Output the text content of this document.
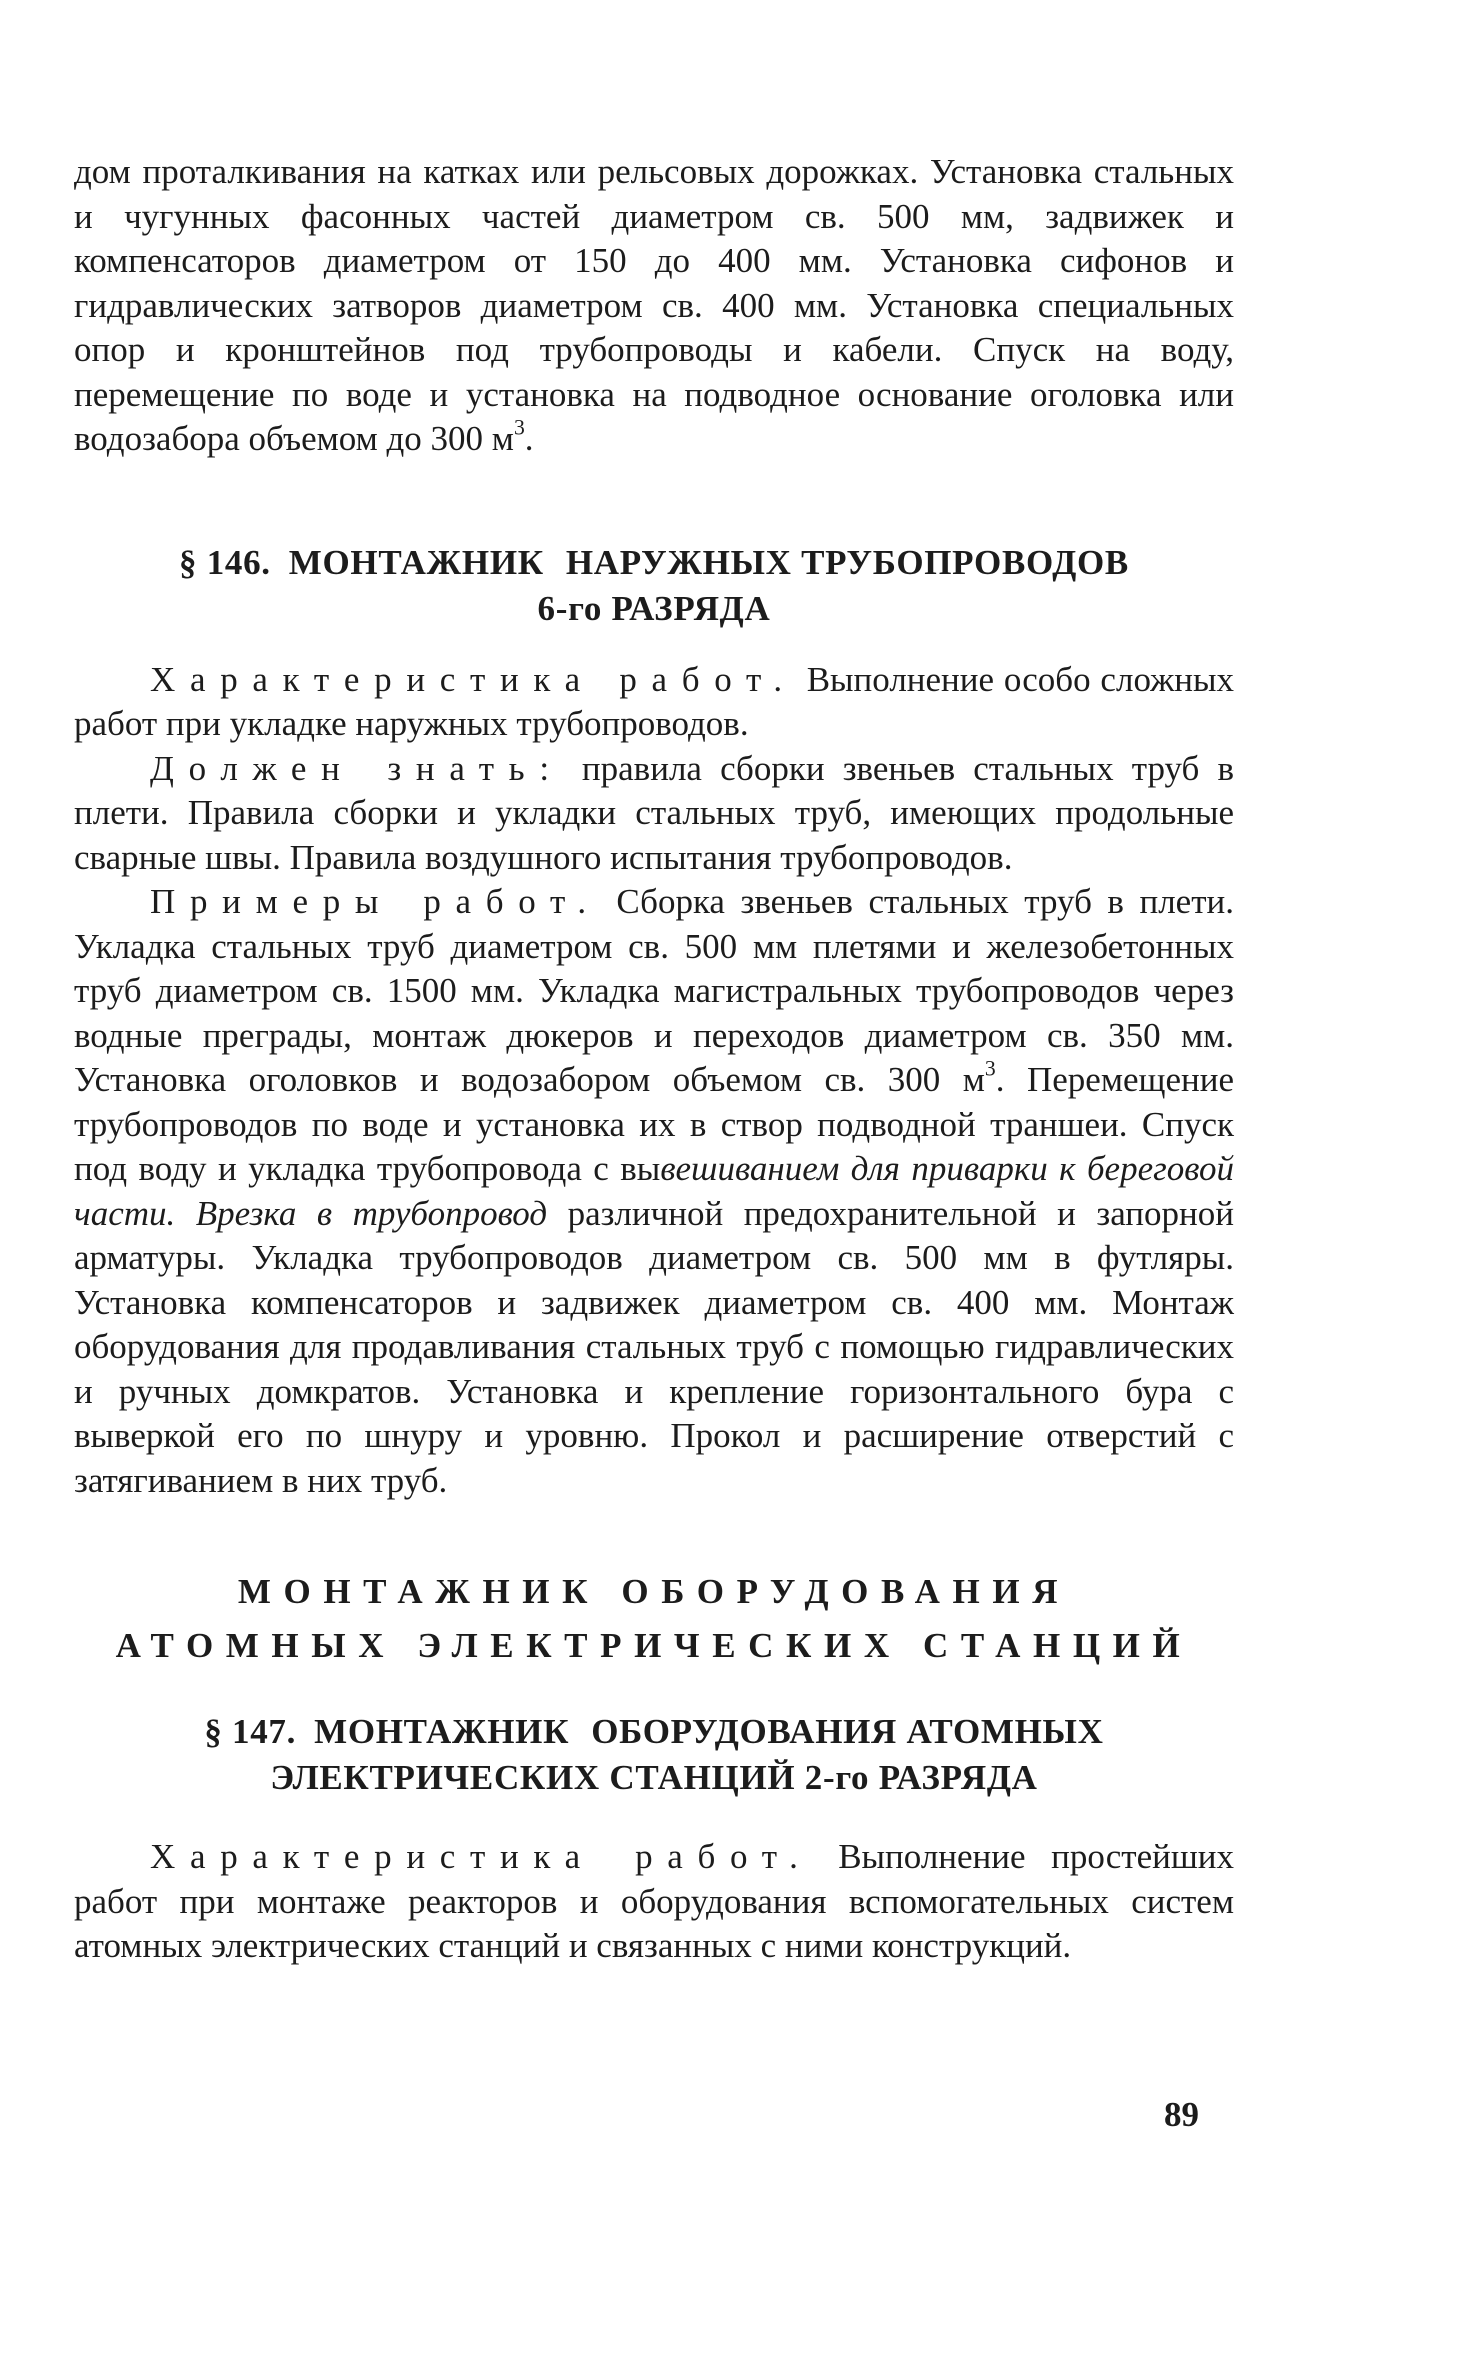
дом проталкивания на катках или рельсовых дорожках. Установка стальных и чугунных фасонных частей диаметром св. 500 мм, задвижек и компенсаторов диаметром от 150 до 400 мм. Установка сифонов и гидравлических затворов диаметром св. 400 мм. Установка специальных опор и кронштейнов под трубопроводы и кабели. Спуск на воду, перемещение по воде и установка на подводное основание оголовка или водозабора объемом до 300 $м^3$.

§ 146. МОНТАЖНИК НАРУЖНЫХ ТРУБОПРОВОДОВ
6-го РАЗРЯДА

Характеристика работ. Выполнение особо сложных работ при укладке наружных трубопроводов.

Должен знать: правила сборки звеньев стальных труб в плети. Правила сборки и укладки стальных труб, имеющих продольные сварные швы. Правила воздушного испытания трубопроводов.

Примеры работ. Сборка звеньев стальных труб в плети. Укладка стальных труб диаметром св. 500 мм плетями и железобетонных труб диаметром св. 1500 мм. Укладка магистральных трубопроводов через водные преграды, монтаж дюкеров и переходов диаметром св. 350 мм. Установка оголовков и водозабором объемом св. 300 $м^3$. Перемещение трубопроводов по воде и установка их в створ подводной траншеи. Спуск под воду и укладка трубопровода с вывешиванием для приварки к береговой части. Врезка в трубопровод различной предохранительной и запорной арматуры. Укладка трубопроводов диаметром св. 500 мм в футляры. Установка компенсаторов и задвижек диаметром св. 400 мм. Монтаж оборудования для продавливания стальных труб с помощью гидравлических и ручных домкратов. Установка и крепление горизонтального бура с выверкой его по шнуру и уровню. Прокол и расширение отверстий с затягиванием в них труб.

МОНТАЖНИК ОБОРУДОВАНИЯ
АТОМНЫХ ЭЛЕКТРИЧЕСКИХ СТАНЦИЙ
§ 147. МОНТАЖНИК ОБОРУДОВАНИЯ АТОМНЫХ
ЭЛЕКТРИЧЕСКИХ СТАНЦИЙ 2-го РАЗРЯДА

Характеристика работ. Выполнение простейших работ при монтаже реакторов и оборудования вспомогательных систем атомных электрических станций и связанных с ними конструкций.

89
